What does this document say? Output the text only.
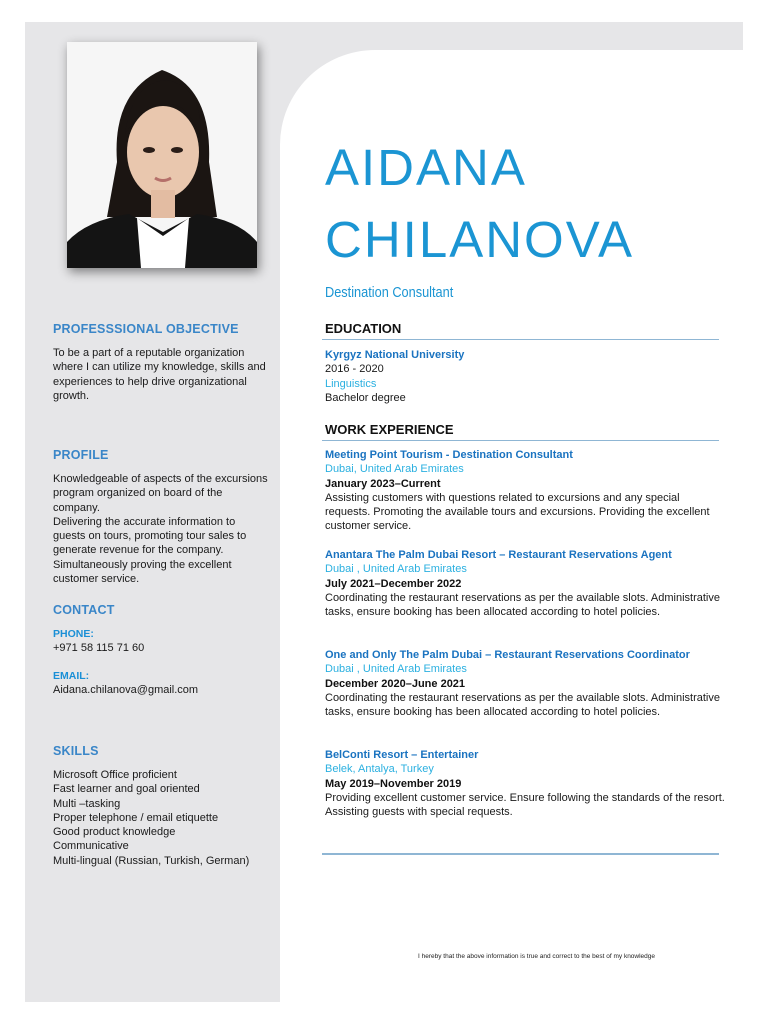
PROFESSSIONAL OBJECTIVE
To be a part of a reputable organization where I can utilize my knowledge, skills and experiences to help drive organizational growth.
PROFILE
Knowledgeable of aspects of the excursions program organized on board of the company.
Delivering the accurate information to guests on tours, promoting tour sales to generate revenue for the company. Simultaneously proving the excellent customer service.
CONTACT
PHONE:
+971 58 115 71 60
EMAIL:
Aidana.chilanova@gmail.com
SKILLS
Microsoft Office proficient
Fast learner and goal oriented
Multi –tasking
Proper telephone / email etiquette
Good product knowledge
Communicative
Multi-lingual (Russian, Turkish, German)
AIDANA
CHILANOVA
Destination Consultant
EDUCATION
Kyrgyz National University
2016 - 2020
Linguistics
Bachelor degree
WORK EXPERIENCE
Meeting Point Tourism - Destination Consultant
Dubai, United Arab Emirates
January 2023–Current
Assisting customers with questions related to excursions and any special requests. Promoting the available tours and excursions. Providing the excellent customer service.
Anantara The Palm Dubai Resort – Restaurant Reservations Agent
Dubai , United Arab Emirates
July 2021–December 2022
Coordinating the restaurant reservations as per the available slots. Administrative tasks, ensure booking has been allocated according to hotel policies.
One and Only The Palm Dubai – Restaurant Reservations Coordinator
Dubai , United Arab Emirates
December 2020–June 2021
Coordinating the restaurant reservations as per the available slots. Administrative tasks, ensure booking has been allocated according to hotel policies.
BelConti Resort – Entertainer
Belek, Antalya, Turkey
May 2019–November 2019
Providing excellent customer service. Ensure following the standards of the resort. Assisting guests with special requests.
I hereby that the above information is true and correct to the best of my knowledge
